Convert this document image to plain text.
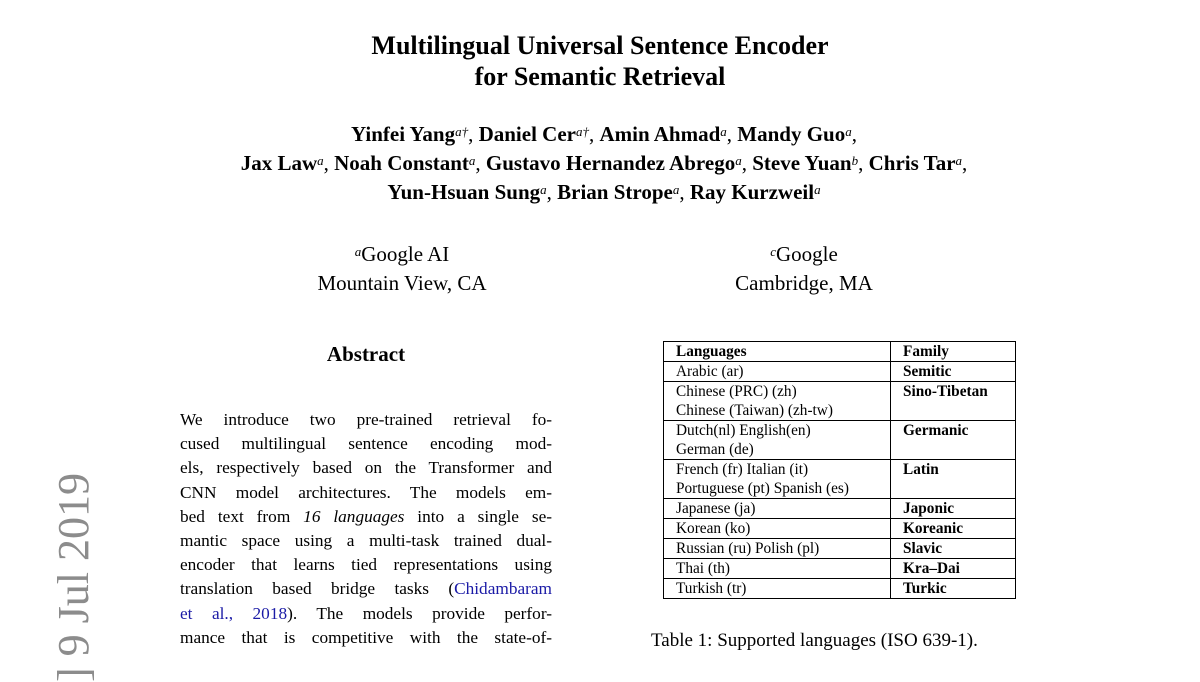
Multilingual Universal Sentence Encoder
for Semantic Retrieval
Yinfei Yang$^{a\dagger}$, Daniel Cer$^{a\dagger}$, Amin Ahmad$^a$, Mandy Guo$^a$,
Jax Law$^a$, Noah Constant$^a$, Gustavo Hernandez Abrego$^a$, Steve Yuan$^b$, Chris Tar$^a$,
Yun-Hsuan Sung$^a$, Brian Strope$^a$, Ray Kurzweil$^a$
$^a$Google AI
Mountain View, CA
$^c$Google
Cambridge, MA
Abstract
We introduce two pre-trained retrieval fo-
cused multilingual sentence encoding mod-
els, respectively based on the Transformer and
CNN model architectures. The models em-
bed text from 16 languages into a single se-
mantic space using a multi-task trained dual-
encoder that learns tied representations using
translation based bridge tasks (Chidambaram
et al., 2018). The models provide perfor-
mance that is competitive with the state-of-
] 9 Jul 2019
Languages	Family

Arabic (ar)	Semitic

Chinese (PRC) (zh)
Chinese (Taiwan) (zh-tw)	Sino-Tibetan

Dutch(nl) English(en)
German (de)	Germanic

French (fr) Italian (it)
Portuguese (pt) Spanish (es)	Latin

Japanese (ja)	Japonic

Korean (ko)	Koreanic

Russian (ru) Polish (pl)	Slavic

Thai (th)	Kra–Dai

Turkish (tr)	Turkic
Table 1: Supported languages (ISO 639-1).
